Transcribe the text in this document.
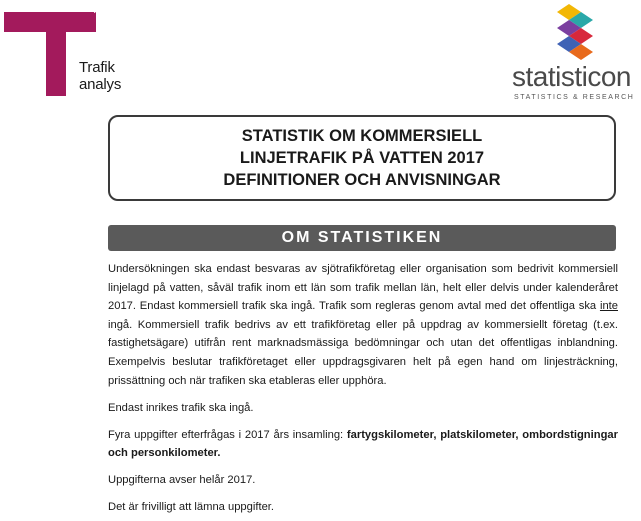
Trafik
analys	statisticon
STATISTICS & RESEARCH
STATISTIK OM KOMMERSIELL
LINJETRAFIK PÅ VATTEN 2017
DEFINITIONER OCH ANVISNINGAR
OM STATISTIKEN

Undersökningen ska endast besvaras av sjötrafikföretag eller organisation som bedrivit kommersiell linjelagd på vatten, såväl trafik inom ett län som trafik mellan län, helt eller delvis under kalenderåret 2017. Endast kommersiell trafik ska ingå. Trafik som regleras genom avtal med det offentliga ska inte ingå. Kommersiell trafik bedrivs av ett trafikföretag eller på uppdrag av kommersiellt företag (t.ex. fastighetsägare) utifrån rent marknadsmässiga bedömningar och utan det offentligas inblandning. Exempelvis beslutar trafikföretaget eller uppdragsgivaren helt på egen hand om linjesträckning, prissättning och när trafiken ska etableras eller upphöra.

Endast inrikes trafik ska ingå.

Fyra uppgifter efterfrågas i 2017 års insamling: fartygskilometer, platskilometer, ombordstigningar och personkilometer.

Uppgifterna avser helår 2017.

Det är frivilligt att lämna uppgifter.
